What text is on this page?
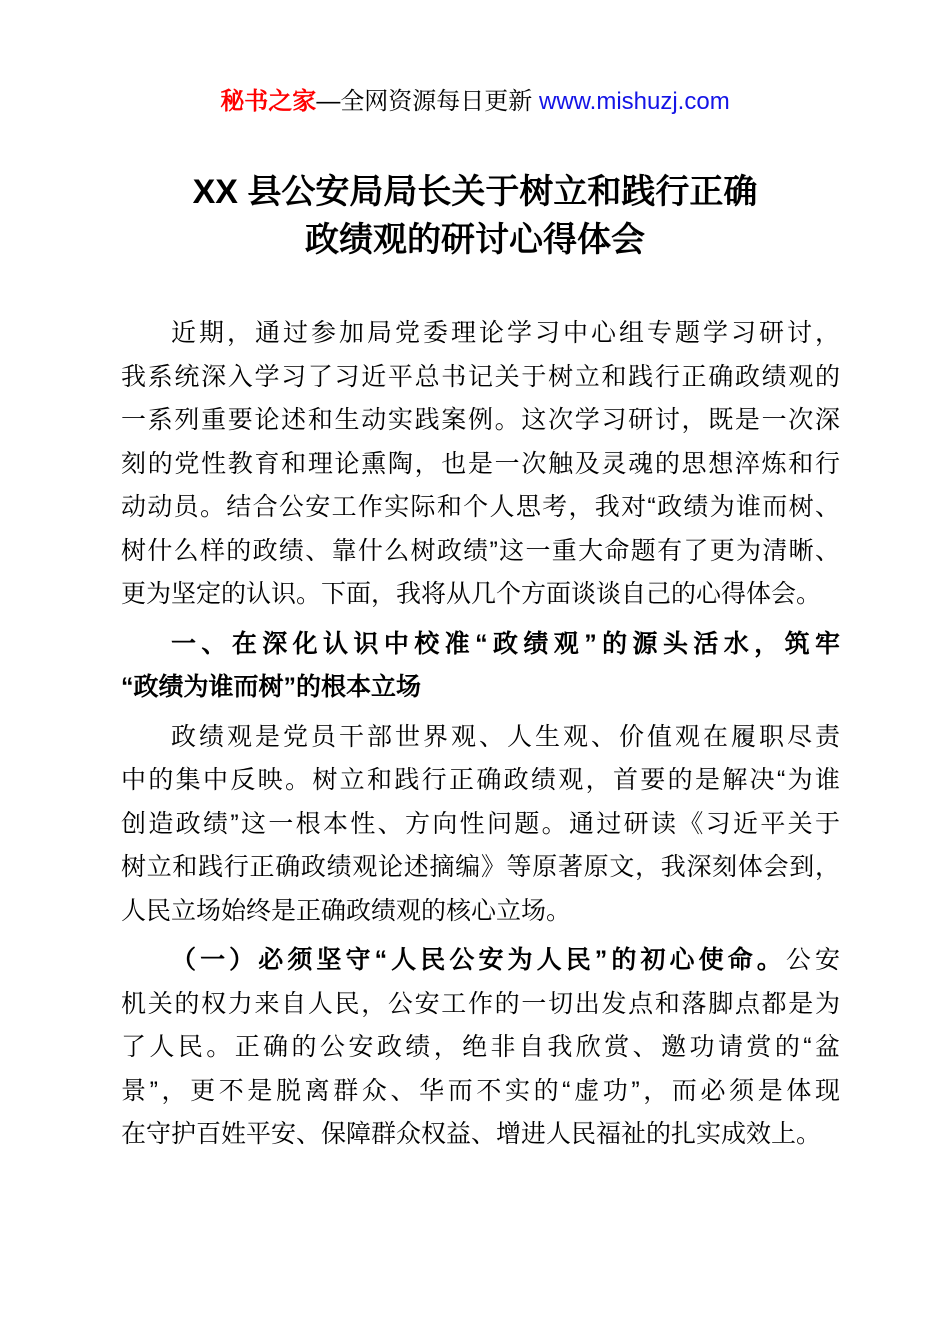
秘书之家—全网资源每日更新 www.mishuzj.com
XX 县公安局局长关于树立和践行正确
政绩观的研讨心得体会
近期，通过参加局党委理论学习中心组专题学习研讨，
我系统深入学习了习近平总书记关于树立和践行正确政绩观的
一系列重要论述和生动实践案例。这次学习研讨，既是一次深
刻的党性教育和理论熏陶，也是一次触及灵魂的思想淬炼和行
动动员。结合公安工作实际和个人思考，我对“政绩为谁而树、
树什么样的政绩、靠什么树政绩”这一重大命题有了更为清晰、
更为坚定的认识。下面，我将从几个方面谈谈自己的心得体会。
一、在深化认识中校准“政绩观”的源头活水，筑牢
“政绩为谁而树”的根本立场
政绩观是党员干部世界观、人生观、价值观在履职尽责
中的集中反映。树立和践行正确政绩观，首要的是解决“为谁
创造政绩”这一根本性、方向性问题。通过研读《习近平关于
树立和践行正确政绩观论述摘编》等原著原文，我深刻体会到，
人民立场始终是正确政绩观的核心立场。
（一）必须坚守“人民公安为人民”的初心使命。公安
机关的权力来自人民，公安工作的一切出发点和落脚点都是为
了人民。正确的公安政绩，绝非自我欣赏、邀功请赏的“盆
景”，更不是脱离群众、华而不实的“虚功”，而必须是体现
在守护百姓平安、保障群众权益、增进人民福祉的扎实成效上。
